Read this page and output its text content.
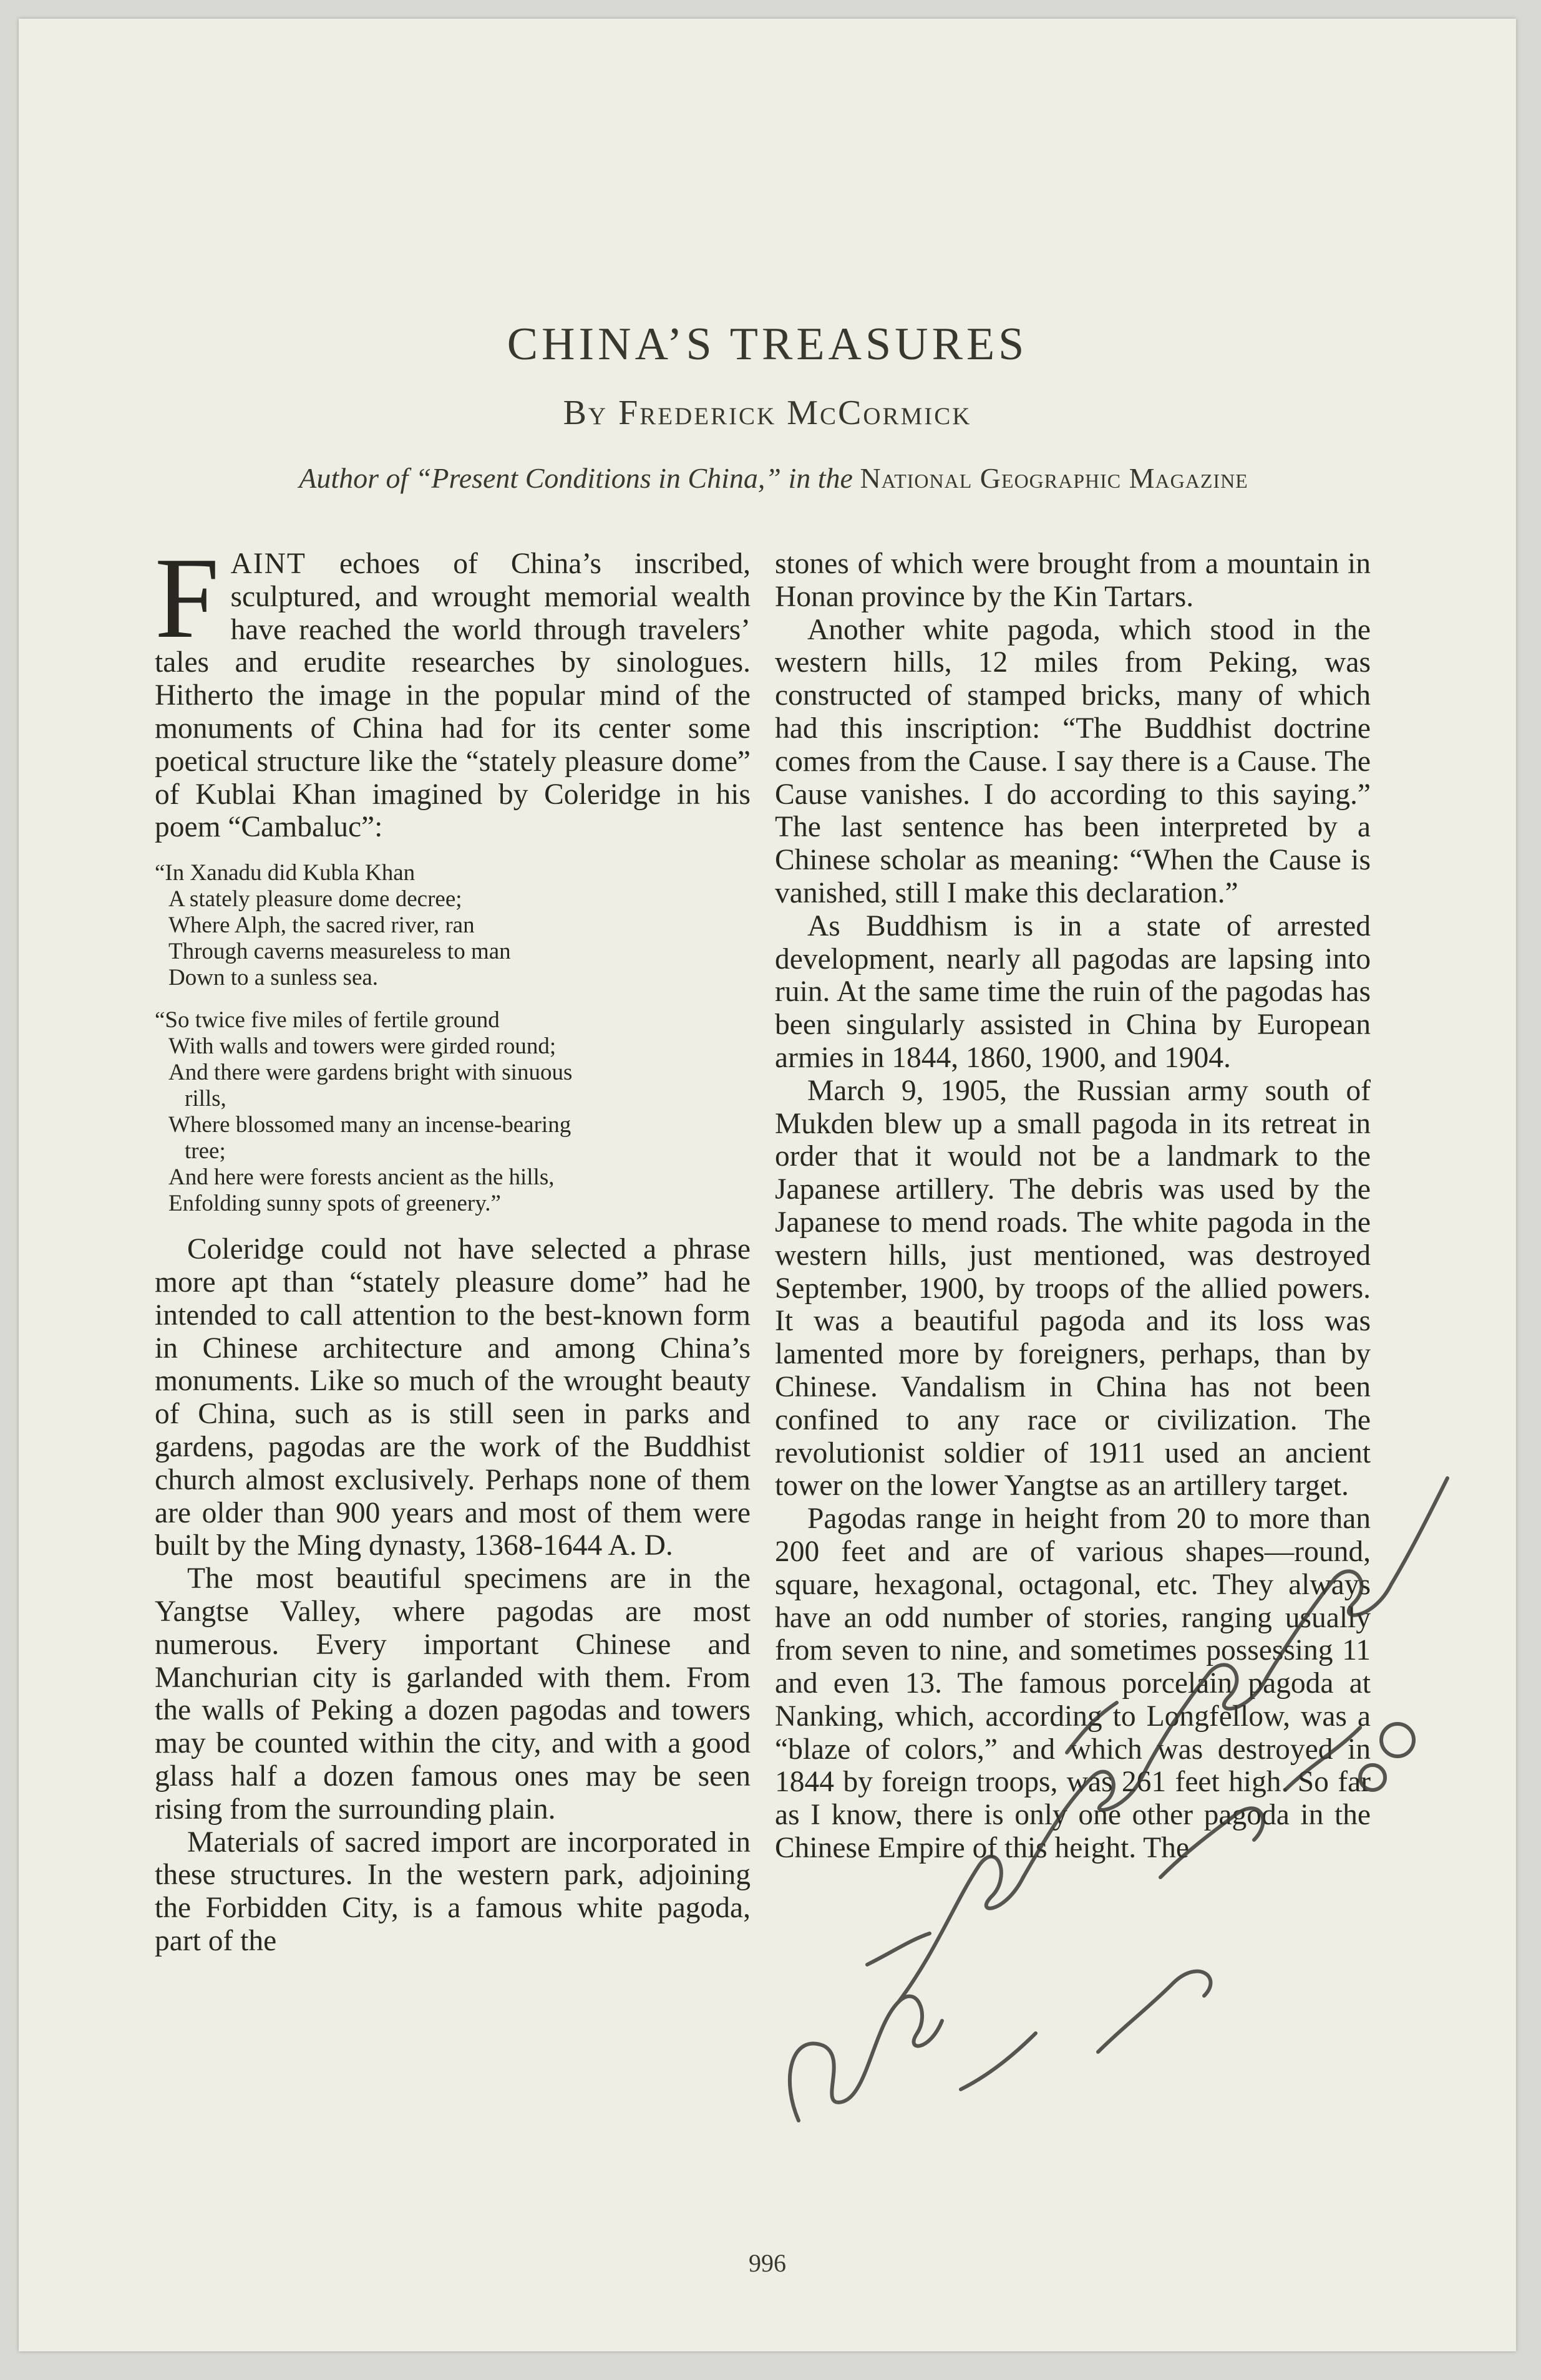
CHINA’S TREASURES
By Frederick McCormick
Author of “Present Conditions in China,” in the National Geographic Magazine

FAINT echoes of China’s inscribed, sculptured, and wrought memorial wealth have reached the world through travelers’ tales and erudite researches by sinologues. Hitherto the image in the popular mind of the monuments of China had for its center some poetical structure like the “stately pleasure dome” of Kublai Khan imagined by Coleridge in his poem “Cambaluc”:

“In Xanadu did Kubla Khan
A stately pleasure dome decree;
Where Alph, the sacred river, ran
Through caverns measureless to man
Down to a sunless sea.
“So twice five miles of fertile ground
With walls and towers were girded round;
And there were gardens bright with sinuous
rills,
Where blossomed many an incense-bearing
tree;
And here were forests ancient as the hills,
Enfolding sunny spots of greenery.”

Coleridge could not have selected a phrase more apt than “stately pleasure dome” had he intended to call attention to the best-known form in Chinese architecture and among China’s monuments. Like so much of the wrought beauty of China, such as is still seen in parks and gardens, pagodas are the work of the Buddhist church almost exclusively. Perhaps none of them are older than 900 years and most of them were built by the Ming dynasty, 1368-1644 A. D.

The most beautiful specimens are in the Yangtse Valley, where pagodas are most numerous. Every important Chinese and Manchurian city is garlanded with them. From the walls of Peking a dozen pagodas and towers may be counted within the city, and with a good glass half a dozen famous ones may be seen rising from the surrounding plain.

Materials of sacred import are incorporated in these structures. In the western park, adjoining the Forbidden City, is a famous white pagoda, part of the

stones of which were brought from a mountain in Honan province by the Kin Tartars.

Another white pagoda, which stood in the western hills, 12 miles from Peking, was constructed of stamped bricks, many of which had this inscription: “The Buddhist doctrine comes from the Cause. I say there is a Cause. The Cause vanishes. I do according to this saying.” The last sentence has been interpreted by a Chinese scholar as meaning: “When the Cause is vanished, still I make this declaration.”

As Buddhism is in a state of arrested development, nearly all pagodas are lapsing into ruin. At the same time the ruin of the pagodas has been singularly assisted in China by European armies in 1844, 1860, 1900, and 1904.

March 9, 1905, the Russian army south of Mukden blew up a small pagoda in its retreat in order that it would not be a landmark to the Japanese artillery. The debris was used by the Japanese to mend roads. The white pagoda in the western hills, just mentioned, was destroyed September, 1900, by troops of the allied powers. It was a beautiful pagoda and its loss was lamented more by foreigners, perhaps, than by Chinese. Vandalism in China has not been confined to any race or civilization. The revolutionist soldier of 1911 used an ancient tower on the lower Yangtse as an artillery target.

Pagodas range in height from 20 to more than 200 feet and are of various shapes—round, square, hexagonal, octagonal, etc. They always have an odd number of stories, ranging usually from seven to nine, and sometimes possessing 11 and even 13. The famous porcelain pagoda at Nanking, which, according to Longfellow, was a “blaze of colors,” and which was destroyed in 1844 by foreign troops, was 261 feet high. So far as I know, there is only one other pagoda in the Chinese Empire of this height. The

996
